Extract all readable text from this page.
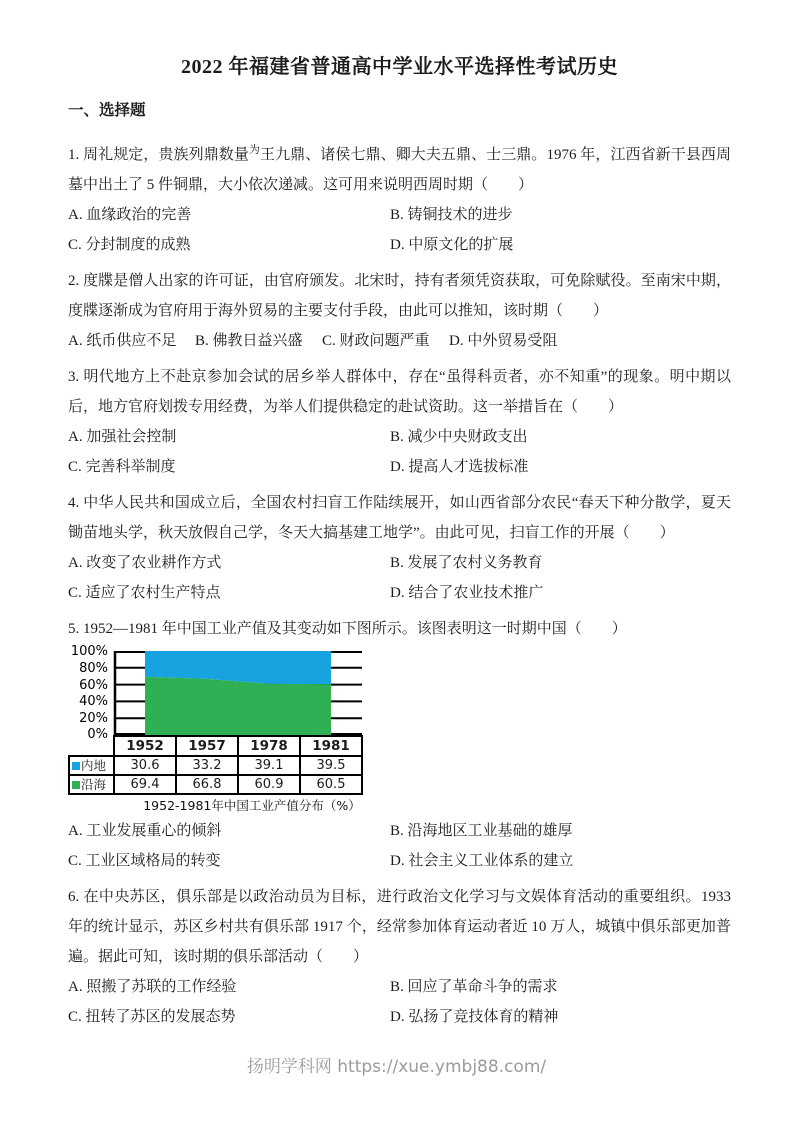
2022 年福建省普通高中学业水平选择性考试历史
一、选择题

1. 周礼规定，贵族列鼎数量$^为$王九鼎、诸侯七鼎、卿大夫五鼎、士三鼎。1976 年，江西省新干县西周墓中出土了 5 件铜鼎，大小依次递减。这可用来说明西周时期（　　）

A. 血缘政治的完善	B. 铸铜技术的进步
C. 分封制度的成熟	D. 中原文化的扩展

2. 度牒是僧人出家的许可证，由官府颁发。北宋时，持有者须凭资获取，可免除赋役。至南宋中期，度牒逐渐成为官府用于海外贸易的主要支付手段，由此可以推知，该时期（　　）

A. 纸币供应不足	B. 佛教日益兴盛	C. 财政问题严重	D. 中外贸易受阻

3. 明代地方上不赴京参加会试的居乡举人群体中，存在“虽得科贡者，亦不知重”的现象。明中期以后，地方官府划拨专用经费，为举人们提供稳定的赴试资助。这一举措旨在（　　）

A. 加强社会控制	B. 减少中央财政支出
C. 完善科举制度	D. 提高人才选拔标准

4. 中华人民共和国成立后，全国农村扫盲工作陆续展开，如山西省部分农民“春天下种分散学，夏天锄苗地头学，秋天放假自己学，冬天大搞基建工地学”。由此可见，扫盲工作的开展（　　）

A. 改变了农业耕作方式	B. 发展了农村义务教育
C. 适应了农村生产特点	D. 结合了农业技术推广

5. 1952—1981 年中国工业产值及其变动如下图所示。该图表明这一时期中国（　　）

100%
80%
60%
40%
20%
0%
	1952	1957	1978	1981
内地	30.6	33.2	39.1	39.5
沿海	69.4	66.8	60.9	60.5
1952-1981年中国工业产值分布（%）
A. 工业发展重心的倾斜	B. 沿海地区工业基础的雄厚
C. 工业区域格局的转变	D. 社会主义工业体系的建立

6. 在中央苏区，俱乐部是以政治动员为目标，进行政治文化学习与文娱体育活动的重要组织。1933 年的统计显示，苏区乡村共有俱乐部 1917 个，经常参加体育运动者近 10 万人，城镇中俱乐部更加普遍。据此可知，该时期的俱乐部活动（　　）

A. 照搬了苏联的工作经验	B. 回应了革命斗争的需求
C. 扭转了苏区的发展态势	D. 弘扬了竞技体育的精神
扬明学科网 https://xue.ymbj88.com/
